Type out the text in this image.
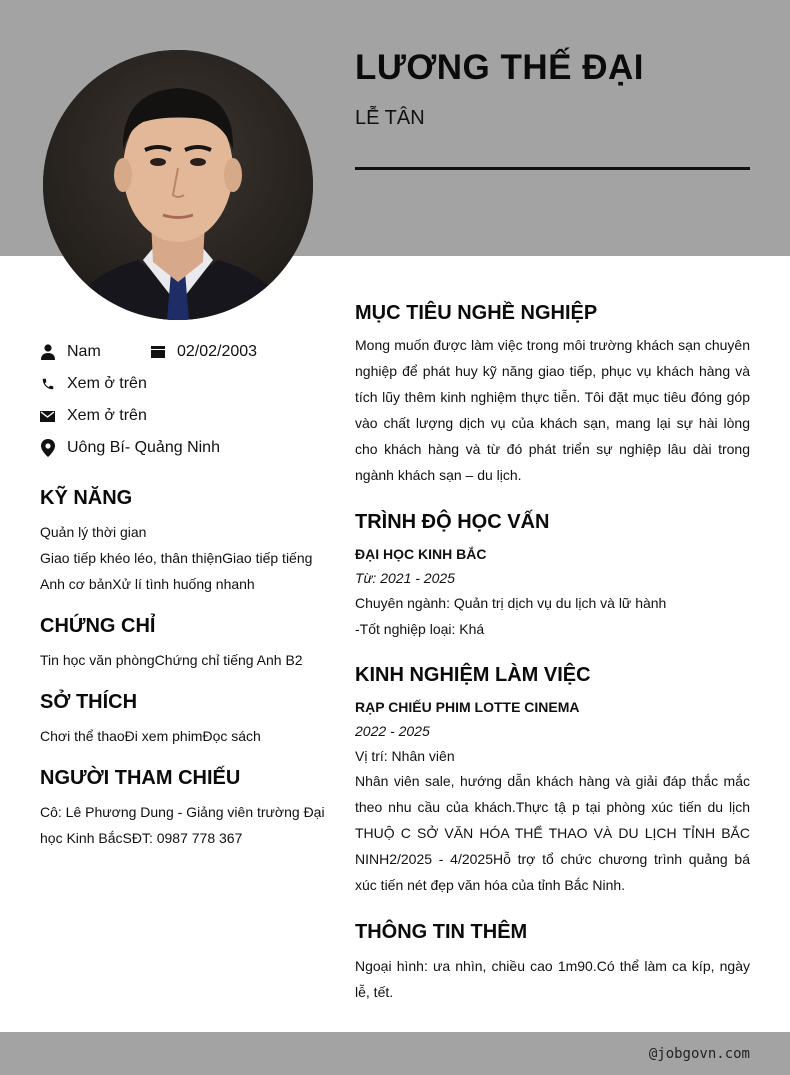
LƯƠNG THẾ ĐẠI
LỄ TÂN
Nam	02/02/2003
Xem ở trên
Xem ở trên
Uông Bí- Quảng Ninh
KỸ NĂNG
Quản lý thời gian
Giao tiếp khéo léo, thân thiệnGiao tiếp tiếng
Anh cơ bảnXử lí tình huống nhanh
CHỨNG CHỈ
Tin học văn phòngChứng chỉ tiếng Anh B2
SỞ THÍCH
Chơi thể thaoĐi xem phimĐọc sách
NGƯỜI THAM CHIẾU
Cô: Lê Phương Dung - Giảng viên trường Đại
học Kinh BắcSĐT: 0987 778 367
MỤC TIÊU NGHỀ NGHIỆP
Mong muốn được làm việc trong môi trường khách sạn chuyên nghiệp để phát huy kỹ năng giao tiếp, phục vụ khách hàng và tích lũy thêm kinh nghiệm thực tiễn. Tôi đặt mục tiêu đóng góp vào chất lượng dịch vụ của khách sạn, mang lại sự hài lòng cho khách hàng và từ đó phát triển sự nghiệp lâu dài trong ngành khách sạn – du lịch.
TRÌNH ĐỘ HỌC VẤN
ĐẠI HỌC KINH BẮC
Từ: 2021 - 2025
Chuyên ngành: Quản trị dịch vụ du lịch và lữ hành
-Tốt nghiệp loại: Khá
KINH NGHIỆM LÀM VIỆC
RẠP CHIẾU PHIM LOTTE CINEMA
2022 - 2025
Vị trí: Nhân viên
Nhân viên sale, hướng dẫn khách hàng và giải đáp thắc mắc theo nhu cầu của khách.Thực tậ p tại phòng xúc tiến du lịch THUỘ C SỞ VĂN HÓA THỂ THAO VÀ DU LỊCH TỈNH BẮC NINH2/2025 - 4/2025Hỗ trợ tổ chức chương trình quảng bá xúc tiến nét đẹp văn hóa của tỉnh Bắc Ninh.
THÔNG TIN THÊM
Ngoại hình: ưa nhìn, chiều cao 1m90.Có thể làm ca kíp, ngày lễ, tết.
@jobgovn.com
